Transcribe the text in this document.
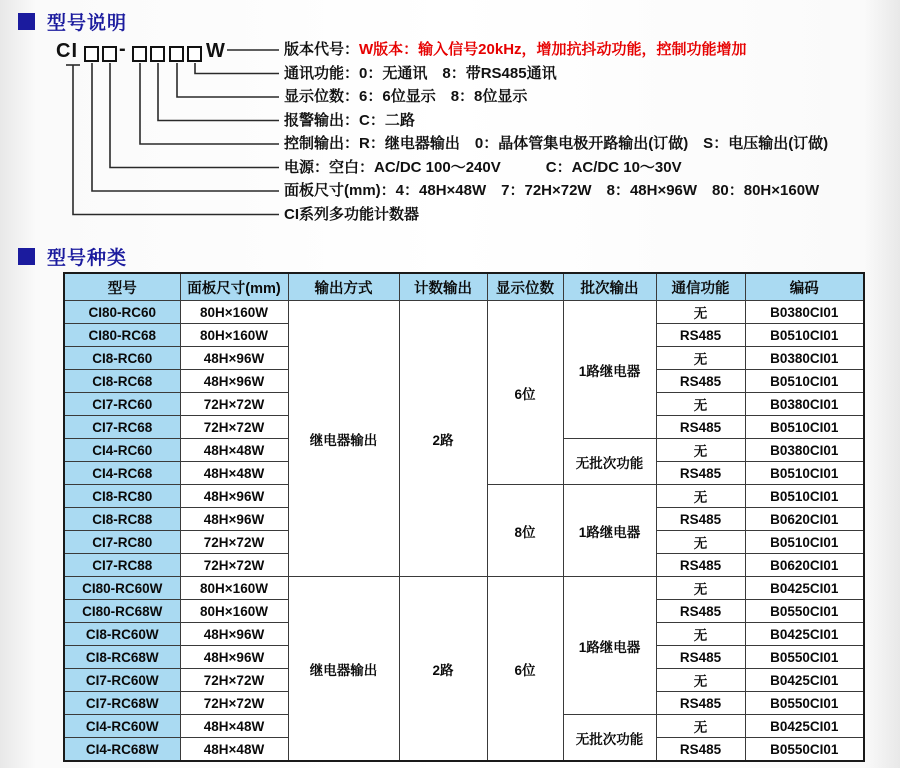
型号说明
CI -	W	版本代号：W版本：输入信号20kHz，增加抗抖动功能，控制功能增加
通讯功能：0：无通讯　8：带RS485通讯
显示位数：6：6位显示　8：8位显示
报警输出：C：二路
控制输出：R：继电器输出　0：晶体管集电极开路输出(订做)　S：电压输出(订做)
电源：空白：AC/DC 100～240V　　　C：AC/DC 10～30V
面板尺寸(mm)：4：48H×48W　7：72H×72W　8：48H×96W　80：80H×160W
CI系列多功能计数器
型号种类
型号	面板尺寸(mm)	输出方式	计数输出	显示位数	批次输出	通信功能	编码
CI80-RC60	80H×160W	继电器输出	2路	6位	1路继电器	无	B0380CI01
CI80-RC68	80H×160W					RS485	B0510CI01
CI8-RC60	48H×96W					无	B0380CI01
CI8-RC68	48H×96W					RS485	B0510CI01
CI7-RC60	72H×72W					无	B0380CI01
CI7-RC68	72H×72W					RS485	B0510CI01
CI4-RC60	48H×48W				无批次功能	无	B0380CI01
CI4-RC68	48H×48W					RS485	B0510CI01
CI8-RC80	48H×96W			8位	1路继电器	无	B0510CI01
CI8-RC88	48H×96W					RS485	B0620CI01
CI7-RC80	72H×72W					无	B0510CI01
CI7-RC88	72H×72W					RS485	B0620CI01
CI80-RC60W	80H×160W	继电器输出	2路	6位	1路继电器	无	B0425CI01
CI80-RC68W	80H×160W					RS485	B0550CI01
CI8-RC60W	48H×96W					无	B0425CI01
CI8-RC68W	48H×96W					RS485	B0550CI01
CI7-RC60W	72H×72W					无	B0425CI01
CI7-RC68W	72H×72W					RS485	B0550CI01
CI4-RC60W	48H×48W				无批次功能	无	B0425CI01
CI4-RC68W	48H×48W					RS485	B0550CI01
